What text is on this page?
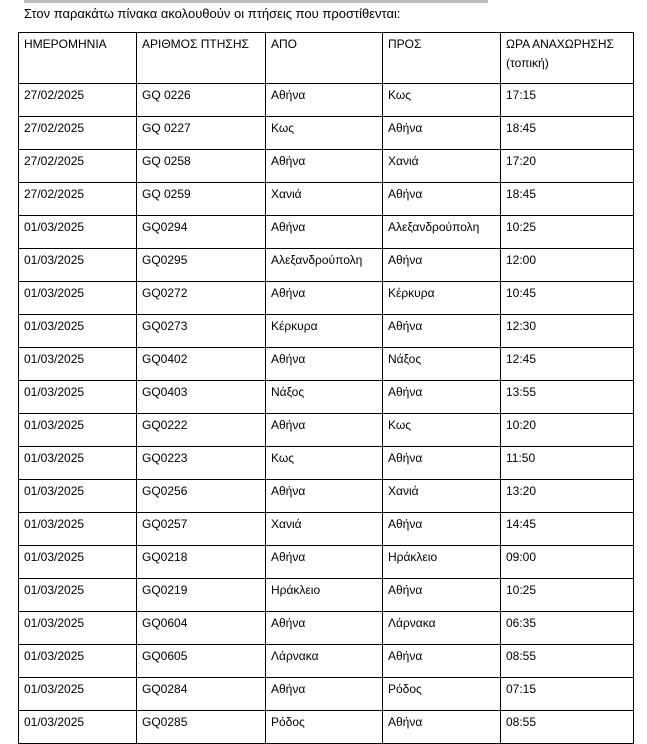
Στον παρακάτω πίνακα ακολουθούν οι πτήσεις που προστίθενται:
ΗΜΕΡΟΜΗΝΙΑ	ΑΡΙΘΜΟΣ ΠΤΗΣΗΣ	ΑΠΟ	ΠΡΟΣ	ΩΡΑ ΑΝΑΧΩΡΗΣΗΣ (τοπική)
27/02/2025	GQ 0226	Αθήνα	Κως	17:15
27/02/2025	GQ 0227	Κως	Αθήνα	18:45
27/02/2025	GQ 0258	Αθήνα	Χανιά	17:20
27/02/2025	GQ 0259	Χανιά	Αθήνα	18:45
01/03/2025	GQ0294	Αθήνα	Αλεξανδρούπολη	10:25
01/03/2025	GQ0295	Αλεξανδρούπολη	Αθήνα	12:00
01/03/2025	GQ0272	Αθήνα	Κέρκυρα	10:45
01/03/2025	GQ0273	Κέρκυρα	Αθήνα	12:30
01/03/2025	GQ0402	Αθήνα	Νάξος	12:45
01/03/2025	GQ0403	Νάξος	Αθήνα	13:55
01/03/2025	GQ0222	Αθήνα	Κως	10:20
01/03/2025	GQ0223	Κως	Αθήνα	11:50
01/03/2025	GQ0256	Αθήνα	Χανιά	13:20
01/03/2025	GQ0257	Χανιά	Αθήνα	14:45
01/03/2025	GQ0218	Αθήνα	Ηράκλειο	09:00
01/03/2025	GQ0219	Ηράκλειο	Αθήνα	10:25
01/03/2025	GQ0604	Αθήνα	Λάρνακα	06:35
01/03/2025	GQ0605	Λάρνακα	Αθήνα	08:55
01/03/2025	GQ0284	Αθήνα	Ρόδος	07:15
01/03/2025	GQ0285	Ρόδος	Αθήνα	08:55
